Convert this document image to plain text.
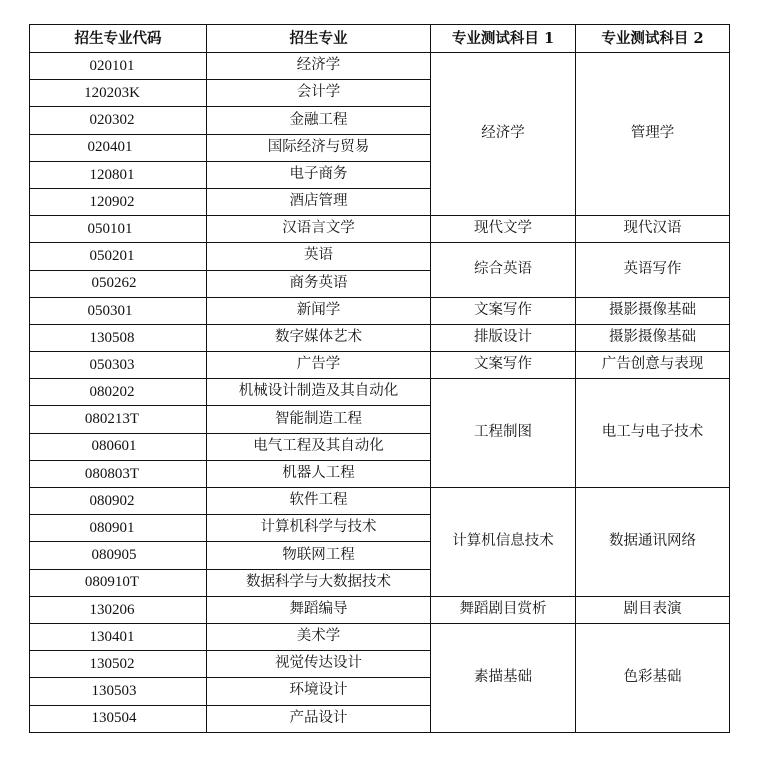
招生专业代码	招生专业	专业测试科目 1	专业测试科目 2
020101	经济学	经济学	管理学
120203K	会计学		
020302	金融工程		
020401	国际经济与贸易		
120801	电子商务		
120902	酒店管理		
050101	汉语言文学	现代文学	现代汉语
050201	英语	综合英语	英语写作
050262	商务英语		
050301	新闻学	文案写作	摄影摄像基础
130508	数字媒体艺术	排版设计	摄影摄像基础
050303	广告学	文案写作	广告创意与表现
080202	机械设计制造及其自动化	工程制图	电工与电子技术
080213T	智能制造工程		
080601	电气工程及其自动化		
080803T	机器人工程		
080902	软件工程	计算机信息技术	数据通讯网络
080901	计算机科学与技术		
080905	物联网工程		
080910T	数据科学与大数据技术		
130206	舞蹈编导	舞蹈剧目赏析	剧目表演
130401	美术学	素描基础	色彩基础
130502	视觉传达设计		
130503	环境设计		
130504	产品设计		
